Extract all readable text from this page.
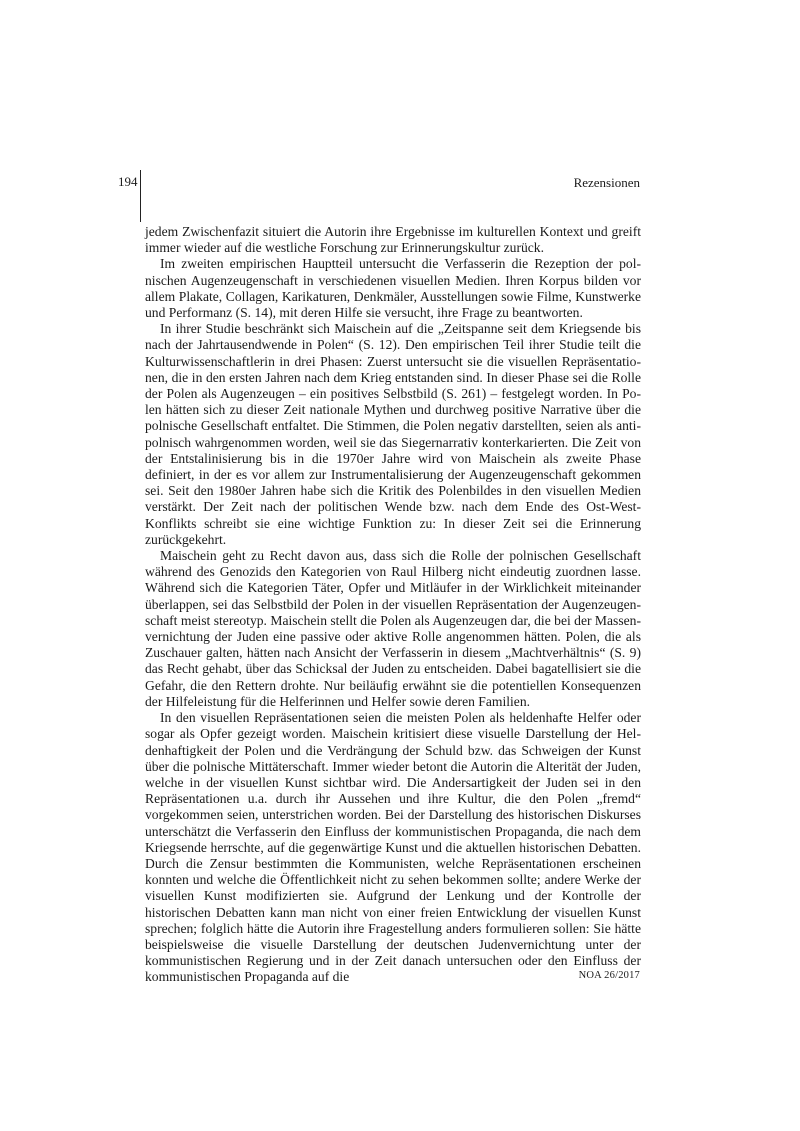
194	Rezensionen

jedem Zwischenfazit situiert die Autorin ihre Ergebnisse im kulturellen Kontext und greift immer wieder auf die westliche Forschung zur Erinnerungskultur zurück.

Im zweiten empirischen Hauptteil untersucht die Verfasserin die Rezeption der polnischen Augenzeugenschaft in verschiedenen visuellen Medien. Ihren Korpus bilden vor allem Plakate, Collagen, Karikaturen, Denkmäler, Ausstellungen sowie Filme, Kunstwerke und Performanz (S. 14), mit deren Hilfe sie versucht, ihre Frage zu beantworten.

In ihrer Studie beschränkt sich Maischein auf die „Zeitspanne seit dem Kriegsende bis nach der Jahrtausendwende in Polen“ (S. 12). Den empirischen Teil ihrer Studie teilt die Kulturwissenschaftlerin in drei Phasen: Zuerst untersucht sie die visuellen Repräsentationen, die in den ersten Jahren nach dem Krieg entstanden sind. In dieser Phase sei die Rolle der Polen als Augenzeugen – ein positives Selbstbild (S. 261) – festgelegt worden. In Polen hätten sich zu dieser Zeit nationale Mythen und durchweg positive Narrative über die polnische Gesellschaft entfaltet. Die Stimmen, die Polen negativ darstellten, seien als antipolnisch wahrgenommen worden, weil sie das Siegernarrativ konterkarierten. Die Zeit von der Entstalinisierung bis in die 1970er Jahre wird von Maischein als zweite Phase definiert, in der es vor allem zur Instrumentalisierung der Augenzeugenschaft gekommen sei. Seit den 1980er Jahren habe sich die Kritik des Polenbildes in den visuellen Medien verstärkt. Der Zeit nach der politischen Wende bzw. nach dem Ende des Ost-West-Konflikts schreibt sie eine wichtige Funktion zu: In dieser Zeit sei die Erinnerung zurückgekehrt.

Maischein geht zu Recht davon aus, dass sich die Rolle der polnischen Gesellschaft während des Genozids den Kategorien von Raul Hilberg nicht eindeutig zuordnen lasse. Während sich die Kategorien Täter, Opfer und Mitläufer in der Wirklichkeit miteinander überlappen, sei das Selbstbild der Polen in der visuellen Repräsentation der Augenzeugenschaft meist stereotyp. Maischein stellt die Polen als Augenzeugen dar, die bei der Massenvernichtung der Juden eine passive oder aktive Rolle angenommen hätten. Polen, die als Zuschauer galten, hätten nach Ansicht der Verfasserin in diesem „Machtverhältnis“ (S. 9) das Recht gehabt, über das Schicksal der Juden zu entscheiden. Dabei bagatellisiert sie die Gefahr, die den Rettern drohte. Nur beiläufig erwähnt sie die potentiellen Konsequenzen der Hilfeleistung für die Helferinnen und Helfer sowie deren Familien.

In den visuellen Repräsentationen seien die meisten Polen als heldenhafte Helfer oder sogar als Opfer gezeigt worden. Maischein kritisiert diese visuelle Darstellung der Heldenhaftigkeit der Polen und die Verdrängung der Schuld bzw. das Schweigen der Kunst über die polnische Mittäterschaft. Immer wieder betont die Autorin die Alterität der Juden, welche in der visuellen Kunst sichtbar wird. Die Andersartigkeit der Juden sei in den Repräsentationen u.a. durch ihr Aussehen und ihre Kultur, die den Polen „fremd“ vorgekommen seien, unterstrichen worden. Bei der Darstellung des historischen Diskurses unterschätzt die Verfasserin den Einfluss der kommunistischen Propaganda, die nach dem Kriegsende herrschte, auf die gegenwärtige Kunst und die aktuellen historischen Debatten. Durch die Zensur bestimmten die Kommunisten, welche Repräsentationen erscheinen konnten und welche die Öffentlichkeit nicht zu sehen bekommen sollte; andere Werke der visuellen Kunst modifizierten sie. Aufgrund der Lenkung und der Kontrolle der historischen Debatten kann man nicht von einer freien Entwicklung der visuellen Kunst sprechen; folglich hätte die Autorin ihre Fragestellung anders formulieren sollen: Sie hätte beispielsweise die visuelle Darstellung der deutschen Judenvernichtung unter der kommunistischen Regierung und in der Zeit danach untersuchen oder den Einfluss der kommunistischen Propaganda auf die	NOA 26/2017
